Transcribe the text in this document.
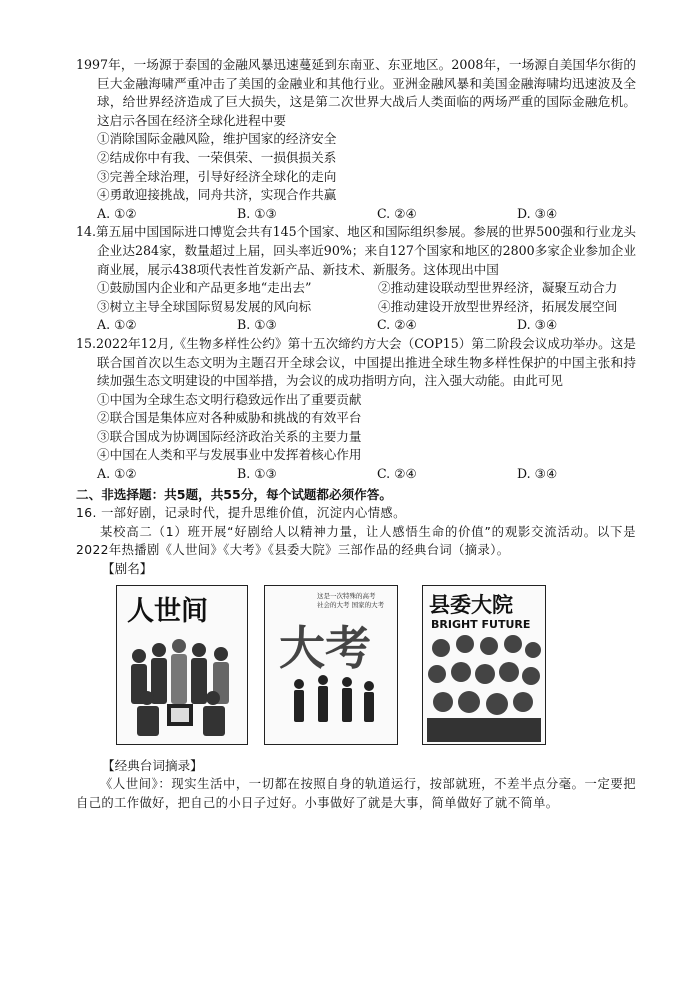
1997年，一场源于泰国的金融风暴迅速蔓延到东南亚、东亚地区。2008年，一场源自美国华尔街的巨大金融海啸严重冲击了美国的金融业和其他行业。亚洲金融风暴和美国金融海啸均迅速波及全球，给世界经济造成了巨大损失，这是第二次世界大战后人类面临的两场严重的国际金融危机。这启示各国在经济全球化进程中要

①消除国际金融风险，维护国家的经济安全

②结成你中有我、一荣俱荣、一损俱损关系

③完善全球治理，引导好经济全球化的走向

④勇敢迎接挑战，同舟共济，实现合作共赢

A. ①②	B. ①③	C. ②④	D. ③④

14.第五届中国国际进口博览会共有145个国家、地区和国际组织参展。参展的世界500强和行业龙头企业达284家，数量超过上届，回头率近90%；来自127个国家和地区的2800多家企业参加企业商业展，展示438项代表性首发新产品、新技术、新服务。这体现出中国

①鼓励国内企业和产品更多地“走出去”	②推动建设联动型世界经济，凝聚互动合力
③树立主导全球国际贸易发展的风向标	④推动建设开放型世界经济，拓展发展空间

A. ①②	B. ①③	C. ②④	D. ③④

15.2022年12月,《生物多样性公约》第十五次缔约方大会（COP15）第二阶段会议成功举办。这是联合国首次以生态文明为主题召开全球会议，中国提出推进全球生物多样性保护的中国主张和持续加强生态文明建设的中国举措，为会议的成功指明方向，注入强大动能。由此可见

①中国为全球生态文明行稳致远作出了重要贡献

②联合国是集体应对各种威胁和挑战的有效平台

③联合国成为协调国际经济政治关系的主要力量

④中国在人类和平与发展事业中发挥着核心作用

A. ①②	B. ①③	C. ②④	D. ③④

二、非选择题：共5题，共55分，每个试题都必须作答。

16. 一部好剧，记录时代，提升思维价值，沉淀内心情感。

某校高二（1）班开展“好剧给人以精神力量，让人感悟生命的价值”的观影交流活动。以下是2022年热播剧《人世间》《大考》《县委大院》三部作品的经典台词（摘录）。

【剧名】

人世间	这是一次特殊的高考
社会的大考 国家的大考
大考
县委大院
BRIGHT FUTURE

【经典台词摘录】

《人世间》：现实生活中，一切都在按照自身的轨道运行，按部就班，不差半点分毫。一定要把自己的工作做好，把自己的小日子过好。小事做好了就是大事，简单做好了就不简单。
